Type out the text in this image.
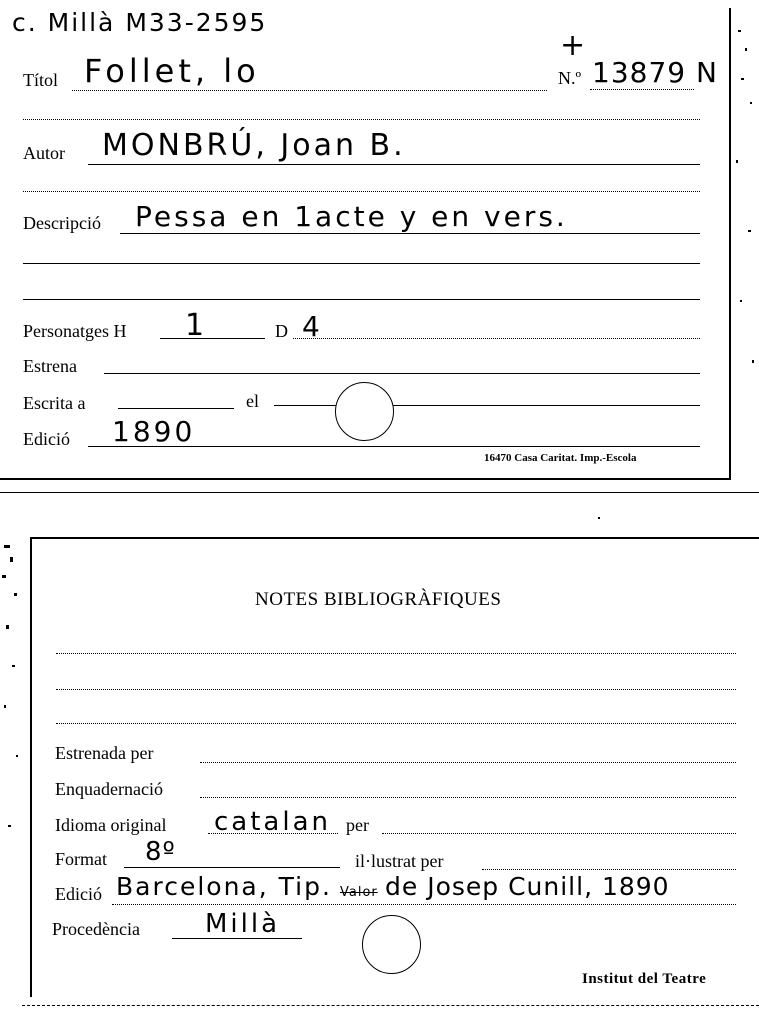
c. Millà M33-2595
Títol Follet, lo
+
N.º 13879 N
Autor MONBRÚ, Joan B.
Descripció Pessa en 1acte y en vers.
Personatges H 1	D 4
Estrena
Escrita a	el
Edició 1890
16470 Casa Caritat. Imp.-Escola
NOTES BIBLIOGRÀFIQUES
Estrenada per
Enquadernació
Idioma original catalan per
Format 8º	il·lustrat per
Edició Barcelona, Tip. Valor de Josep Cunill, 1890
Procedència	Millà
Institut del Teatre
